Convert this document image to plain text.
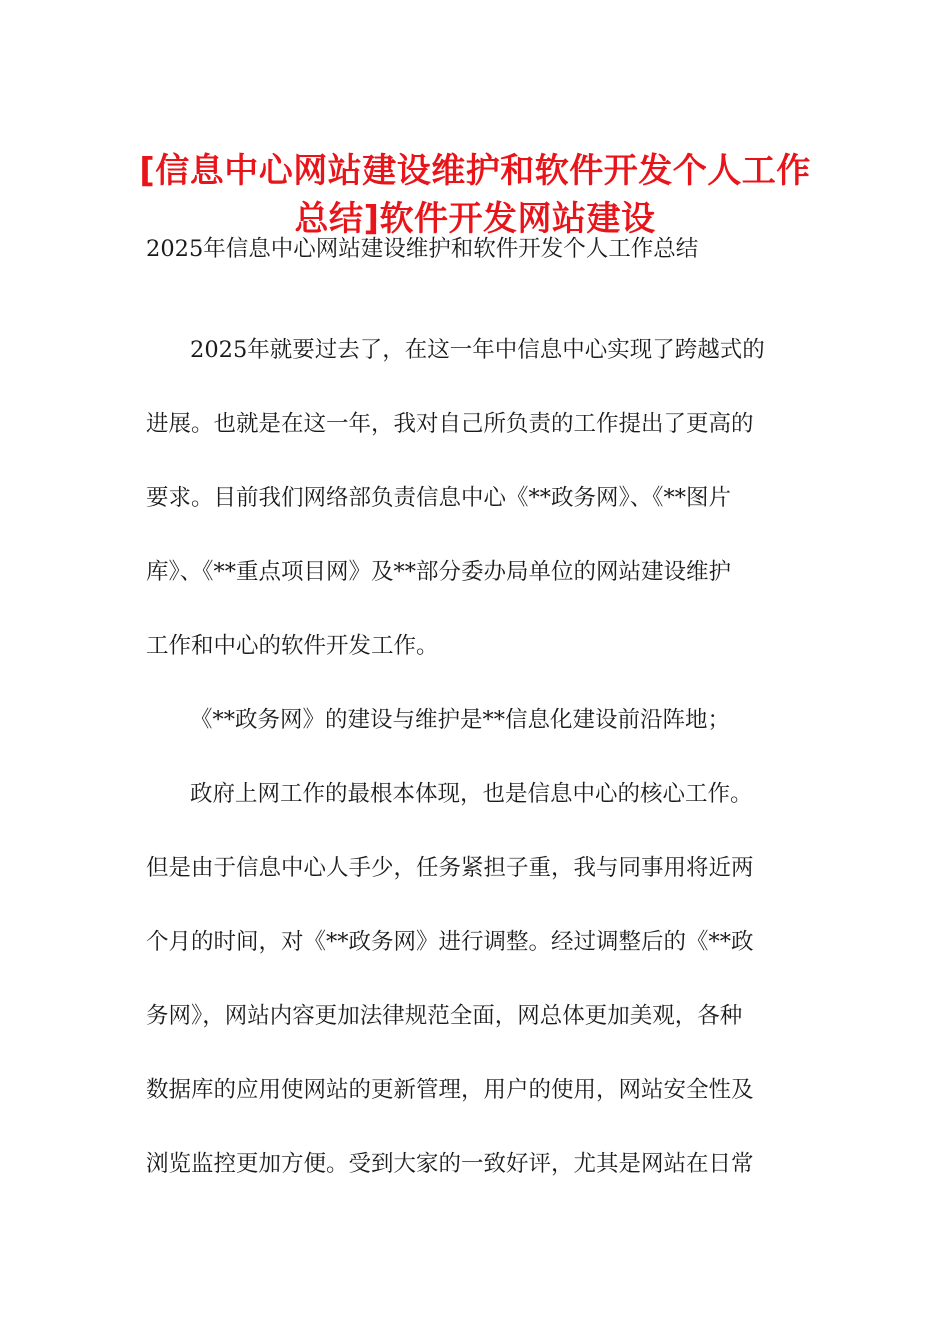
[信息中心网站建设维护和软件开发个人工作
总结]软件开发网站建设
2025年信息中心网站建设维护和软件开发个人工作总结
2025年就要过去了，在这一年中信息中心实现了跨越式的
进展。也就是在这一年，我对自己所负责的工作提出了更高的
要求。目前我们网络部负责信息中心《**政务网》、《**图片
库》、《**重点项目网》及**部分委办局单位的网站建设维护
工作和中心的软件开发工作。
《**政务网》的建设与维护是**信息化建设前沿阵地；
政府上网工作的最根本体现，也是信息中心的核心工作。
但是由于信息中心人手少，任务紧担子重，我与同事用将近两
个月的时间，对《**政务网》进行调整。经过调整后的《**政
务网》，网站内容更加法律规范全面，网总体更加美观，各种
数据库的应用使网站的更新管理，用户的使用，网站安全性及
浏览监控更加方便。受到大家的一致好评，尤其是网站在日常
